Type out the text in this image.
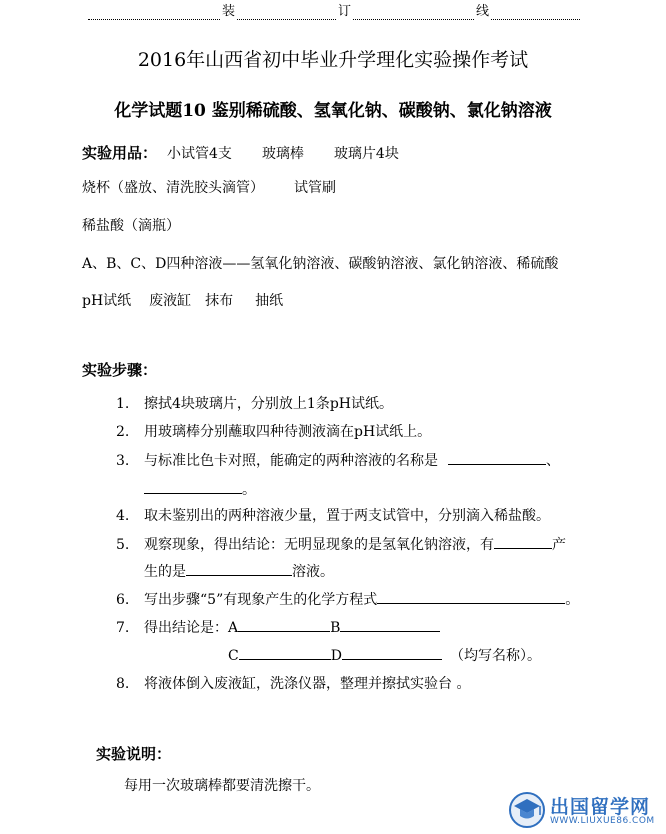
装	订	线
2016年山西省初中毕业升学理化实验操作考试
化学试题10 鉴别稀硫酸、氢氧化钠、碳酸钠、氯化钠溶液
实验用品： 小试管4支 玻璃棒 玻璃片4块
烧杯（盛放、清洗胶头滴管） 试管刷
稀盐酸（滴瓶）
A、B、C、D四种溶液——氢氧化钠溶液、碳酸钠溶液、氯化钠溶液、稀硫酸
pH试纸 废液缸 抹布 抽纸
实验步骤：
1. 擦拭4块玻璃片，分别放上1条pH试纸。
2. 用玻璃棒分别蘸取四种待测液滴在pH试纸上。
3. 与标准比色卡对照，能确定的两种溶液的名称是	、
。
4. 取未鉴别出的两种溶液少量，置于两支试管中，分别滴入稀盐酸。
5. 观察现象，得出结论：无明显现象的是氢氧化钠溶液，有	产
生的是	溶液。
6. 写出步骤“5”有现象产生的化学方程式	。
7. 得出结论是：A	B
C	D	（均写名称）。
8. 将液体倒入废液缸，洗涤仪器，整理并擦拭实验台 。
实验说明：
每用一次玻璃棒都要清洗擦干。
出国留学网
WWW.LIUXUE86.COM
